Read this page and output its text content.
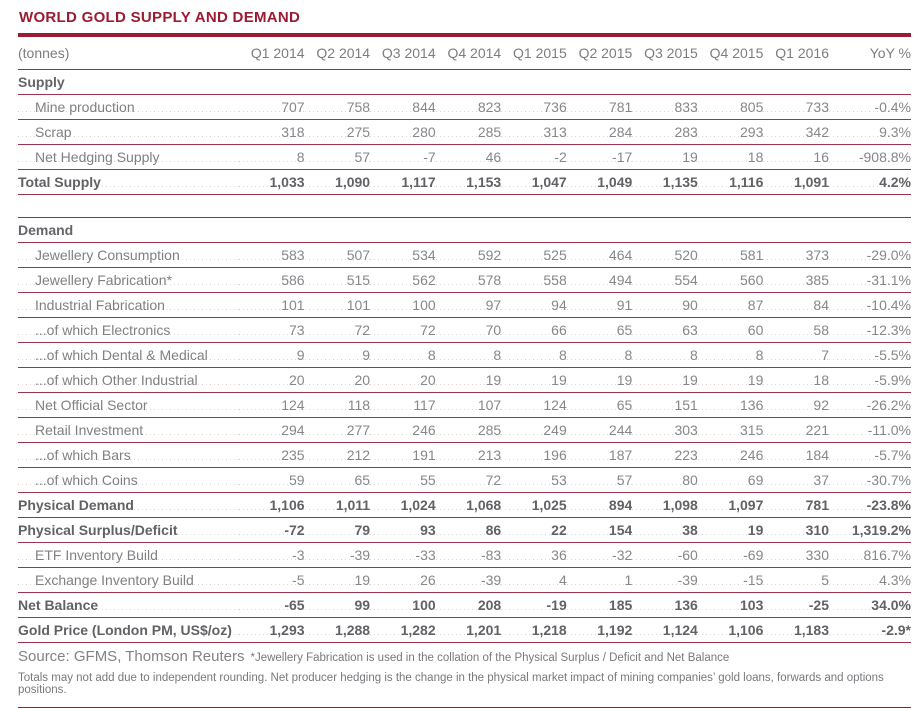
WORLD GOLD SUPPLY AND DEMAND
(tonnes)	Q1 2014	Q2 2014	Q3 2014	Q4 2014	Q1 2015	Q2 2015	Q3 2015	Q4 2015	Q1 2016	YoY %
Supply										
Mine production	707	758	844	823	736	781	833	805	733	-0.4%
Scrap	318	275	280	285	313	284	283	293	342	9.3%
Net Hedging Supply	8	57	-7	46	-2	-17	19	18	16	-908.8%
Total Supply	1,033	1,090	1,117	1,153	1,047	1,049	1,135	1,116	1,091	4.2%

Demand										
Jewellery Consumption	583	507	534	592	525	464	520	581	373	-29.0%
Jewellery Fabrication*	586	515	562	578	558	494	554	560	385	-31.1%
Industrial Fabrication	101	101	100	97	94	91	90	87	84	-10.4%
...of which Electronics	73	72	72	70	66	65	63	60	58	-12.3%
...of which Dental & Medical	9	9	8	8	8	8	8	8	7	-5.5%
...of which Other Industrial	20	20	20	19	19	19	19	19	18	-5.9%
Net Official Sector	124	118	117	107	124	65	151	136	92	-26.2%
Retail Investment	294	277	246	285	249	244	303	315	221	-11.0%
...of which Bars	235	212	191	213	196	187	223	246	184	-5.7%
...of which Coins	59	65	55	72	53	57	80	69	37	-30.7%
Physical Demand	1,106	1,011	1,024	1,068	1,025	894	1,098	1,097	781	-23.8%
Physical Surplus/Deficit	-72	79	93	86	22	154	38	19	310	1,319.2%
ETF Inventory Build	-3	-39	-33	-83	36	-32	-60	-69	330	816.7%
Exchange Inventory Build	-5	19	26	-39	4	1	-39	-15	5	4.3%
Net Balance	-65	99	100	208	-19	185	136	103	-25	34.0%
Gold Price (London PM, US$/oz)	1,293	1,288	1,282	1,201	1,218	1,192	1,124	1,106	1,183	-2.9*
Source: GFMS, Thomson Reuters *Jewellery Fabrication is used in the collation of the Physical Surplus / Deficit and Net Balance
Totals may not add due to independent rounding. Net producer hedging is the change in the physical market impact of mining companies’ gold loans, forwards and options positions.
